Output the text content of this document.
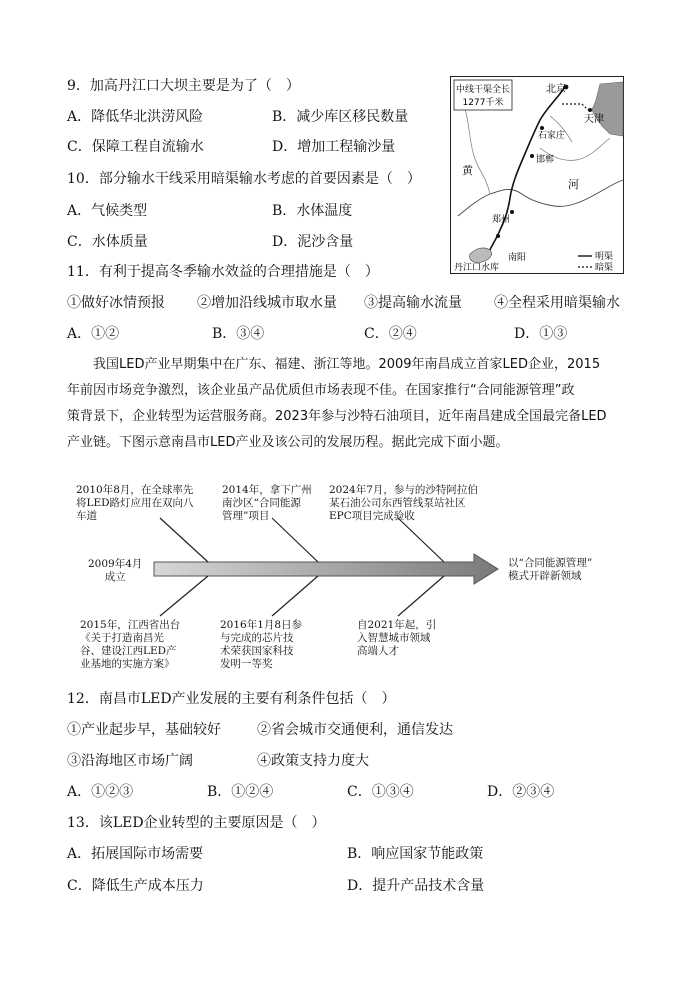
9．加高丹江口大坝主要是为了（　）
A．降低华北洪涝风险	B．减少库区移民数量
C．保障工程自流输水	D．增加工程输沙量
10．部分输水干线采用暗渠输水考虑的首要因素是（　）
A．气候类型	B．水体温度
C．水体质量	D．泥沙含量
11．有利于提高冬季输水效益的合理措施是（　）
①做好冰情预报 ②增加沿线城市取水量 ③提高输水流量 ④全程采用暗渠输水
A．①②	B．③④	C．②④	D．①③
中线干渠全长
1277千米
北京
天津
石家庄
邯郸
黄
河
郑州
南阳
丹江口水库
明渠
暗渠
我国LED产业早期集中在广东、福建、浙江等地。2009年南昌成立首家LED企业，2015
年前因市场竞争激烈，该企业虽产品优质但市场表现不佳。在国家推行“合同能源管理”政
策背景下，企业转型为运营服务商。2023年参与沙特石油项目，近年南昌建成全国最完备LED
产业链。下图示意南昌市LED产业及该公司的发展历程。据此完成下面小题。
2010年8月，在全球率先
将LED路灯应用在双向八
车道
2014年，拿下广州
南沙区“合同能源
管理”项目
2024年7月，参与的沙特阿拉伯
某石油公司东西管线泵站社区
EPC项目完成验收
2009年4月
成立
以“合同能源管理”
模式开辟新领域
2015年，江西省出台
《关于打造南昌光
谷、建设江西LED产
业基地的实施方案》
2016年1月8日参
与完成的芯片技
术荣获国家科技
发明一等奖
自2021年起，引
入智慧城市领域
高端人才
12．南昌市LED产业发展的主要有利条件包括（　）
①产业起步早，基础较好	②省会城市交通便利，通信发达
③沿海地区市场广阔	④政策支持力度大
A．①②③	B．①②④	C．①③④	D．②③④
13．该LED企业转型的主要原因是（　）
A．拓展国际市场需要	B．响应国家节能政策
C．降低生产成本压力	D．提升产品技术含量
